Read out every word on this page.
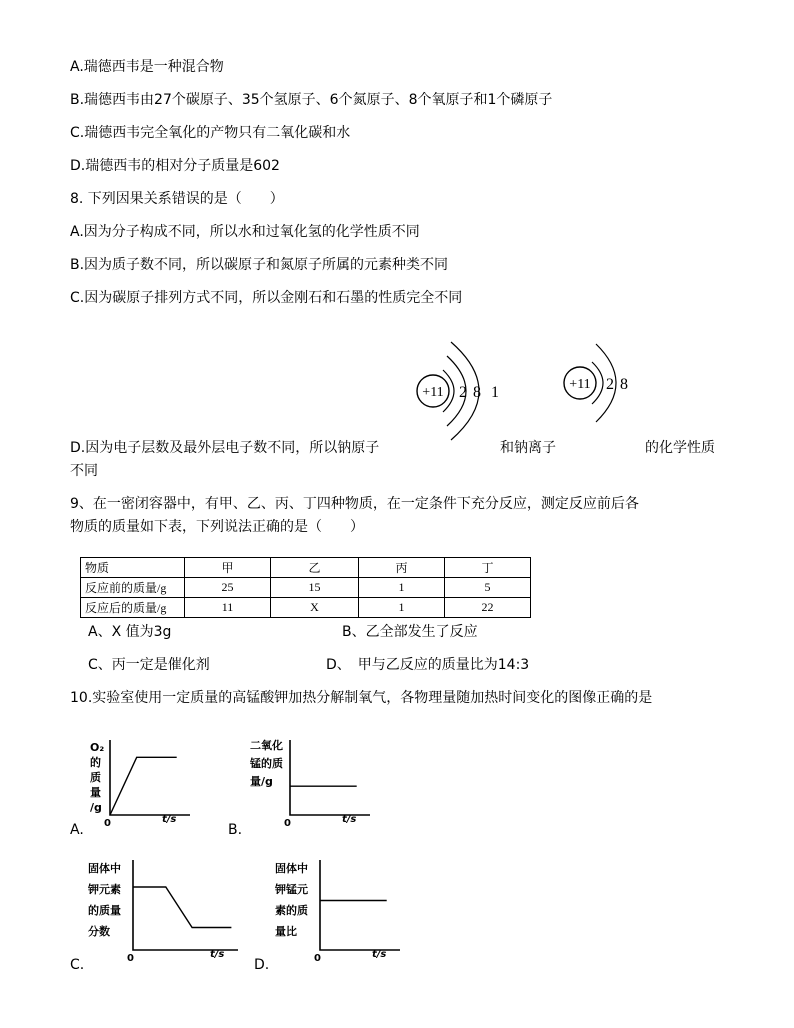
A.瑞德西韦是一种混合物
B.瑞德西韦由27个碳原子、35个氢原子、6个氮原子、8个氧原子和1个磷原子
C.瑞德西韦完全氧化的产物只有二氧化碳和水
D.瑞德西韦的相对分子质量是602
8. 下列因果关系错误的是（　　）
A.因为分子构成不同，所以水和过氧化氢的化学性质不同
B.因为质子数不同，所以碳原子和氮原子所属的元素种类不同
C.因为碳原子排列方式不同，所以金刚石和石墨的性质完全不同
+11 2 8 1	+11 2 8
D.因为电子层数及最外层电子数不同，所以钠原子	和钠离子	的化学性质
不同
9、在一密闭容器中，有甲、乙、丙、丁四种物质，在一定条件下充分反应，测定反应前后各
物质的质量如下表，下列说法正确的是（　　）
物质	甲	乙	丙	丁
反应前的质量/g	25	15	1	5
反应后的质量/g	11	X	1	22
A、X 值为3g	B、乙全部发生了反应
C、丙一定是催化剂	D、　甲与乙反应的质量比为14:3
10.实验室使用一定质量的高锰酸钾加热分解制氧气，各物理量随加热时间变化的图像正确的是
A.
O₂
的
质
量
/g
0	t/s
B.
二氧化
锰的质
量/g
0	t/s
C.
固体中
钾元素
的质量
分数
0	t/s
D.
固体中
钾锰元
素的质
量比
0	t/s
